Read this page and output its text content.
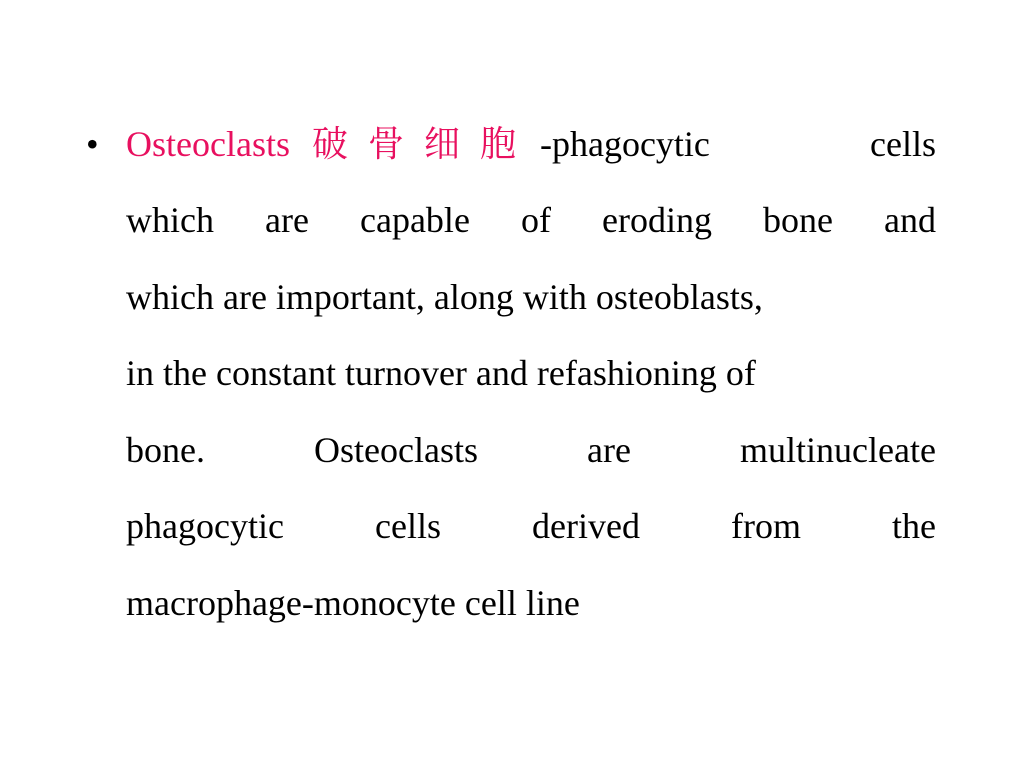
• Osteoclasts 破骨细胞 -phagocytic	cells
which are capable of eroding bone and
which are important, along with osteoblasts,
in the constant turnover and refashioning of
bone.	Osteoclasts	are	multinucleate
phagocytic	cells	derived	from	the
macrophage-monocyte cell line
